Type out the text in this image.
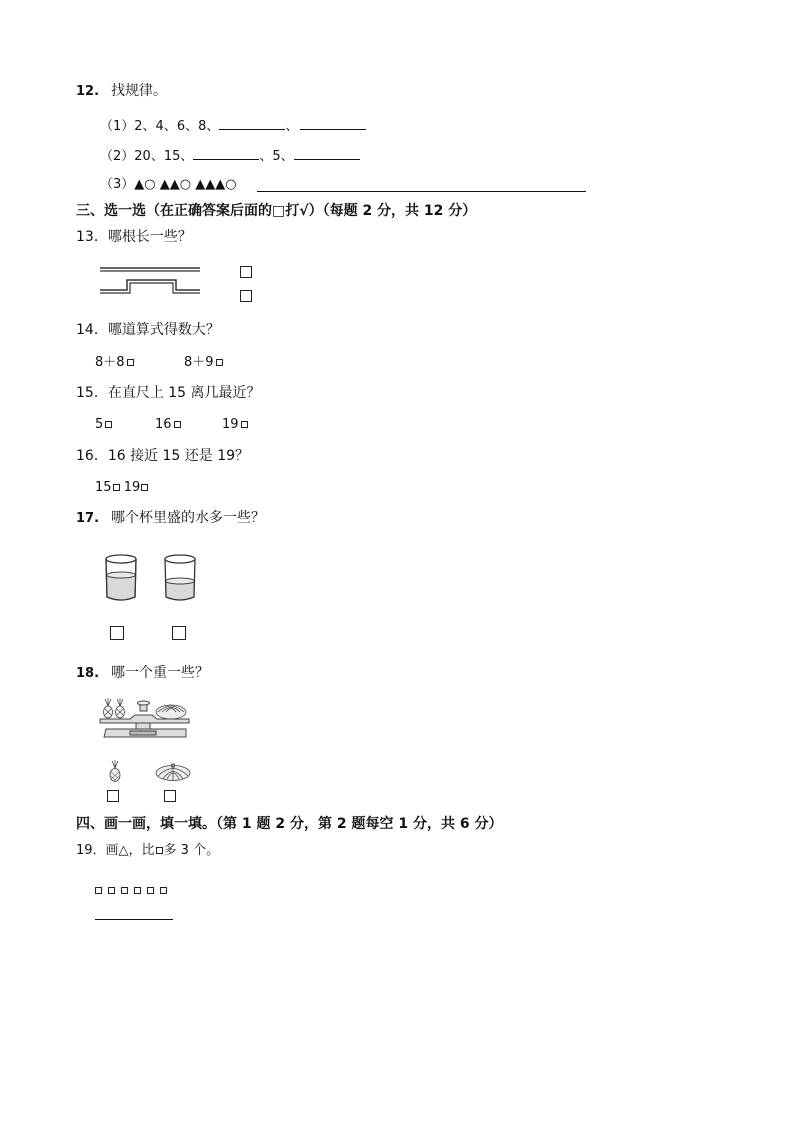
12. 找规律。
（1）2、4、6、8、	、
（2）20、15、	、5、
（3）▲○ ▲▲○ ▲▲▲○
三、选一选（在正确答案后面的□打√）（每题 2 分，共 12 分）
13．哪根长一些？
14．哪道算式得数大？
8＋8	8＋9
15．在直尺上 15 离几最近？
5	16	19
16．16 接近 15 还是 19？
15 19
17. 哪个杯里盛的水多一些？
18. 哪一个重一些？
四、画一画，填一填。（第 1 题 2 分，第 2 题每空 1 分，共 6 分）
19．画△，比 多 3 个。
